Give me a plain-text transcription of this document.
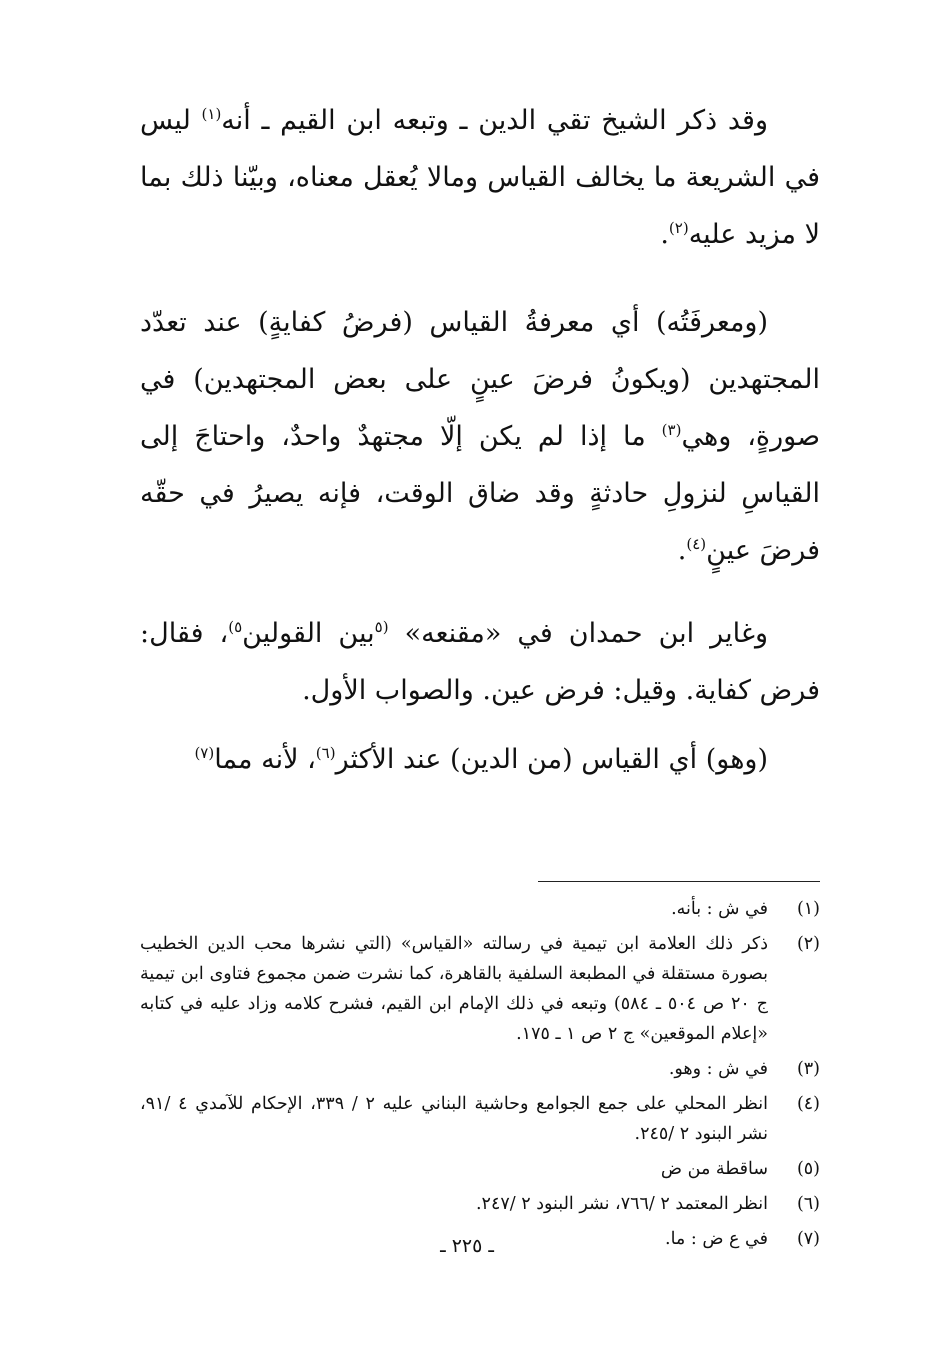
وقد ذكر الشيخ تقي الدين ـ وتبعه ابن القيم ـ أنه$^{(١)}$ ليس في الشريعة ما يخالف القياس ومالا يُعقل معناه، وبيّنا ذلك بما لا مزيد عليه$^{(٢)}$.

(ومعرفَتُه) أي معرفةُ القياس (فرضُ كفايةٍ) عند تعدّد المجتهدين (ويكونُ فرضَ عينٍ على بعض المجتهدين) في صورةٍ، وهي$^{(٣)}$ ما إذا لم يكن إلّا مجتهدٌ واحدٌ، واحتاجَ إلى القياسِ لنزولِ حادثةٍ وقد ضاق الوقت، فإنه يصيرُ في حقّه فرضَ عينٍ$^{(٤)}$.

وغاير ابن حمدان في «مقنعه» $^{(٥}$بين القولين$^{٥)}$، فقال: فرض كفاية. وقيل: فرض عين. والصواب الأول.

(وهو) أي القياس (من الدين) عند الأكثر$^{(٦)}$، لأنه مما$^{(٧)}$

(١)
في ش : بأنه.
(٢)
ذكر ذلك العلامة ابن تيمية في رسالته «القياس» (التي نشرها محب الدين الخطيب بصورة مستقلة في المطبعة السلفية بالقاهرة، كما نشرت ضمن مجموع فتاوى ابن تيمية ج ٢٠ ص ٥٠٤ ـ ٥٨٤) وتبعه في ذلك الإمام ابن القيم، فشرح كلامه وزاد عليه في كتابه «إعلام الموقعين» ج ٢ ص ١ ـ ١٧٥.
(٣)
في ش : وهو.
(٤)
انظر المحلي على جمع الجوامع وحاشية البناني عليه ٢ / ٣٣٩، الإحكام للآمدي ٤ /٩١، نشر البنود ٢ /٢٤٥.
(٥)
ساقطة من ض
(٦)
انظر المعتمد ٢ /٧٦٦، نشر البنود ٢ /٢٤٧.
(٧)
في ع ض : ما.
ـ ٢٢٥ ـ
